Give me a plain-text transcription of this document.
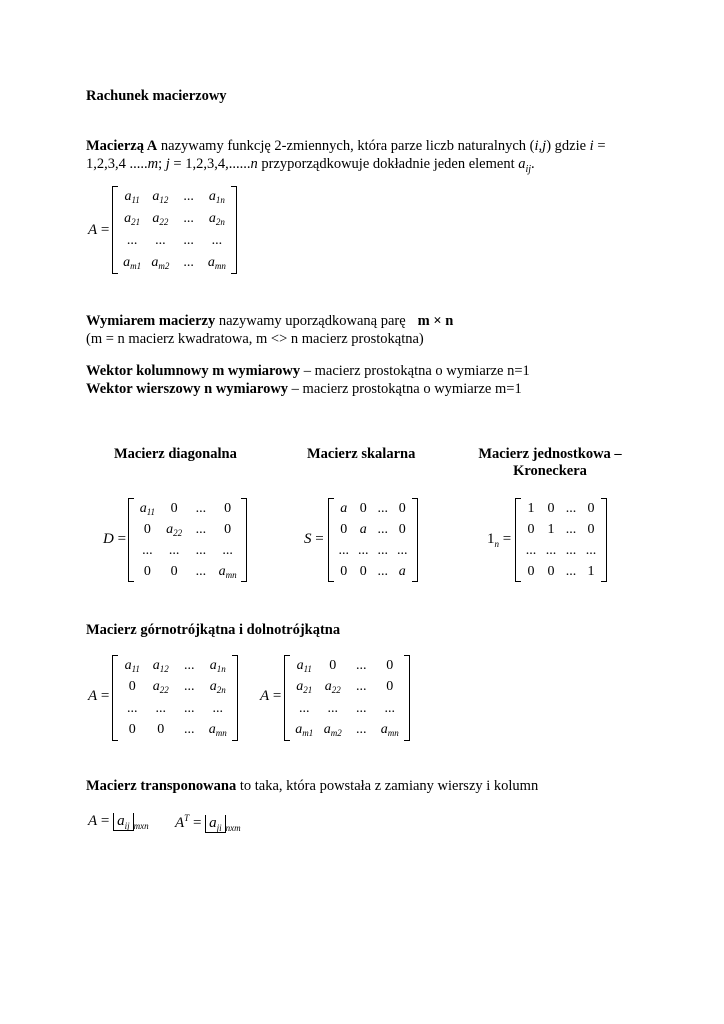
Rachunek macierzowy
Macierzą A nazywamy funkcję 2-zmiennych, która parze liczb naturalnych (i,j) gdzie i =
1,2,3,4 .....m; j = 1,2,3,4,......n przyporządkowuje dokładnie jeden element $a_{ij}$.
A =
$a_{11}$ $a_{12}$ ... $a_{1n}$
$a_{21}$ $a_{22}$ ... $a_{2n}$
... ... ... ...
$a_{m1}$ $a_{m2}$ ... $a_{mn}$
Wymiarem macierzy nazywamy uporządkowaną parę m × n
(m = n macierz kwadratowa, m <> n macierz prostokątna)
Wektor kolumnowy m wymiarowy – macierz prostokątna o wymiarze n=1
Wektor wierszowy n wymiarowy – macierz prostokątna o wymiarze m=1
Macierz diagonalna	Macierz skalarna	Macierz jednostkowa –
Kroneckera
D =
$a_{11}$ 0 ... 0
0 $a_{22}$ ... 0
... ... ... ...
0 0 ... $a_{mn}$
S =
a 0 ... 0
0 a ... 0
... ... ... ...
0 0 ... a
$1_n$ =
1 0 ... 0
0 1 ... 0
... ... ... ...
0 0 ... 1
Macierz górnotrójkątna i dolnotrójkątna
A =
$a_{11}$ $a_{12}$ ... $a_{1n}$
0 $a_{22}$ ... $a_{2n}$
... ... ... ...
0 0 ... $a_{mn}$
A =
$a_{11}$ 0 ... 0
$a_{21}$ $a_{22}$ ... 0
... ... ... ...
$a_{m1}$ $a_{m2}$ ... $a_{mn}$
Macierz transponowana to taka, która powstała z zamiany wierszy i kolumn
$A = a_{ij}$ $_{mxn}$ $A^T = a_{ji}$ $_{nxm}$
